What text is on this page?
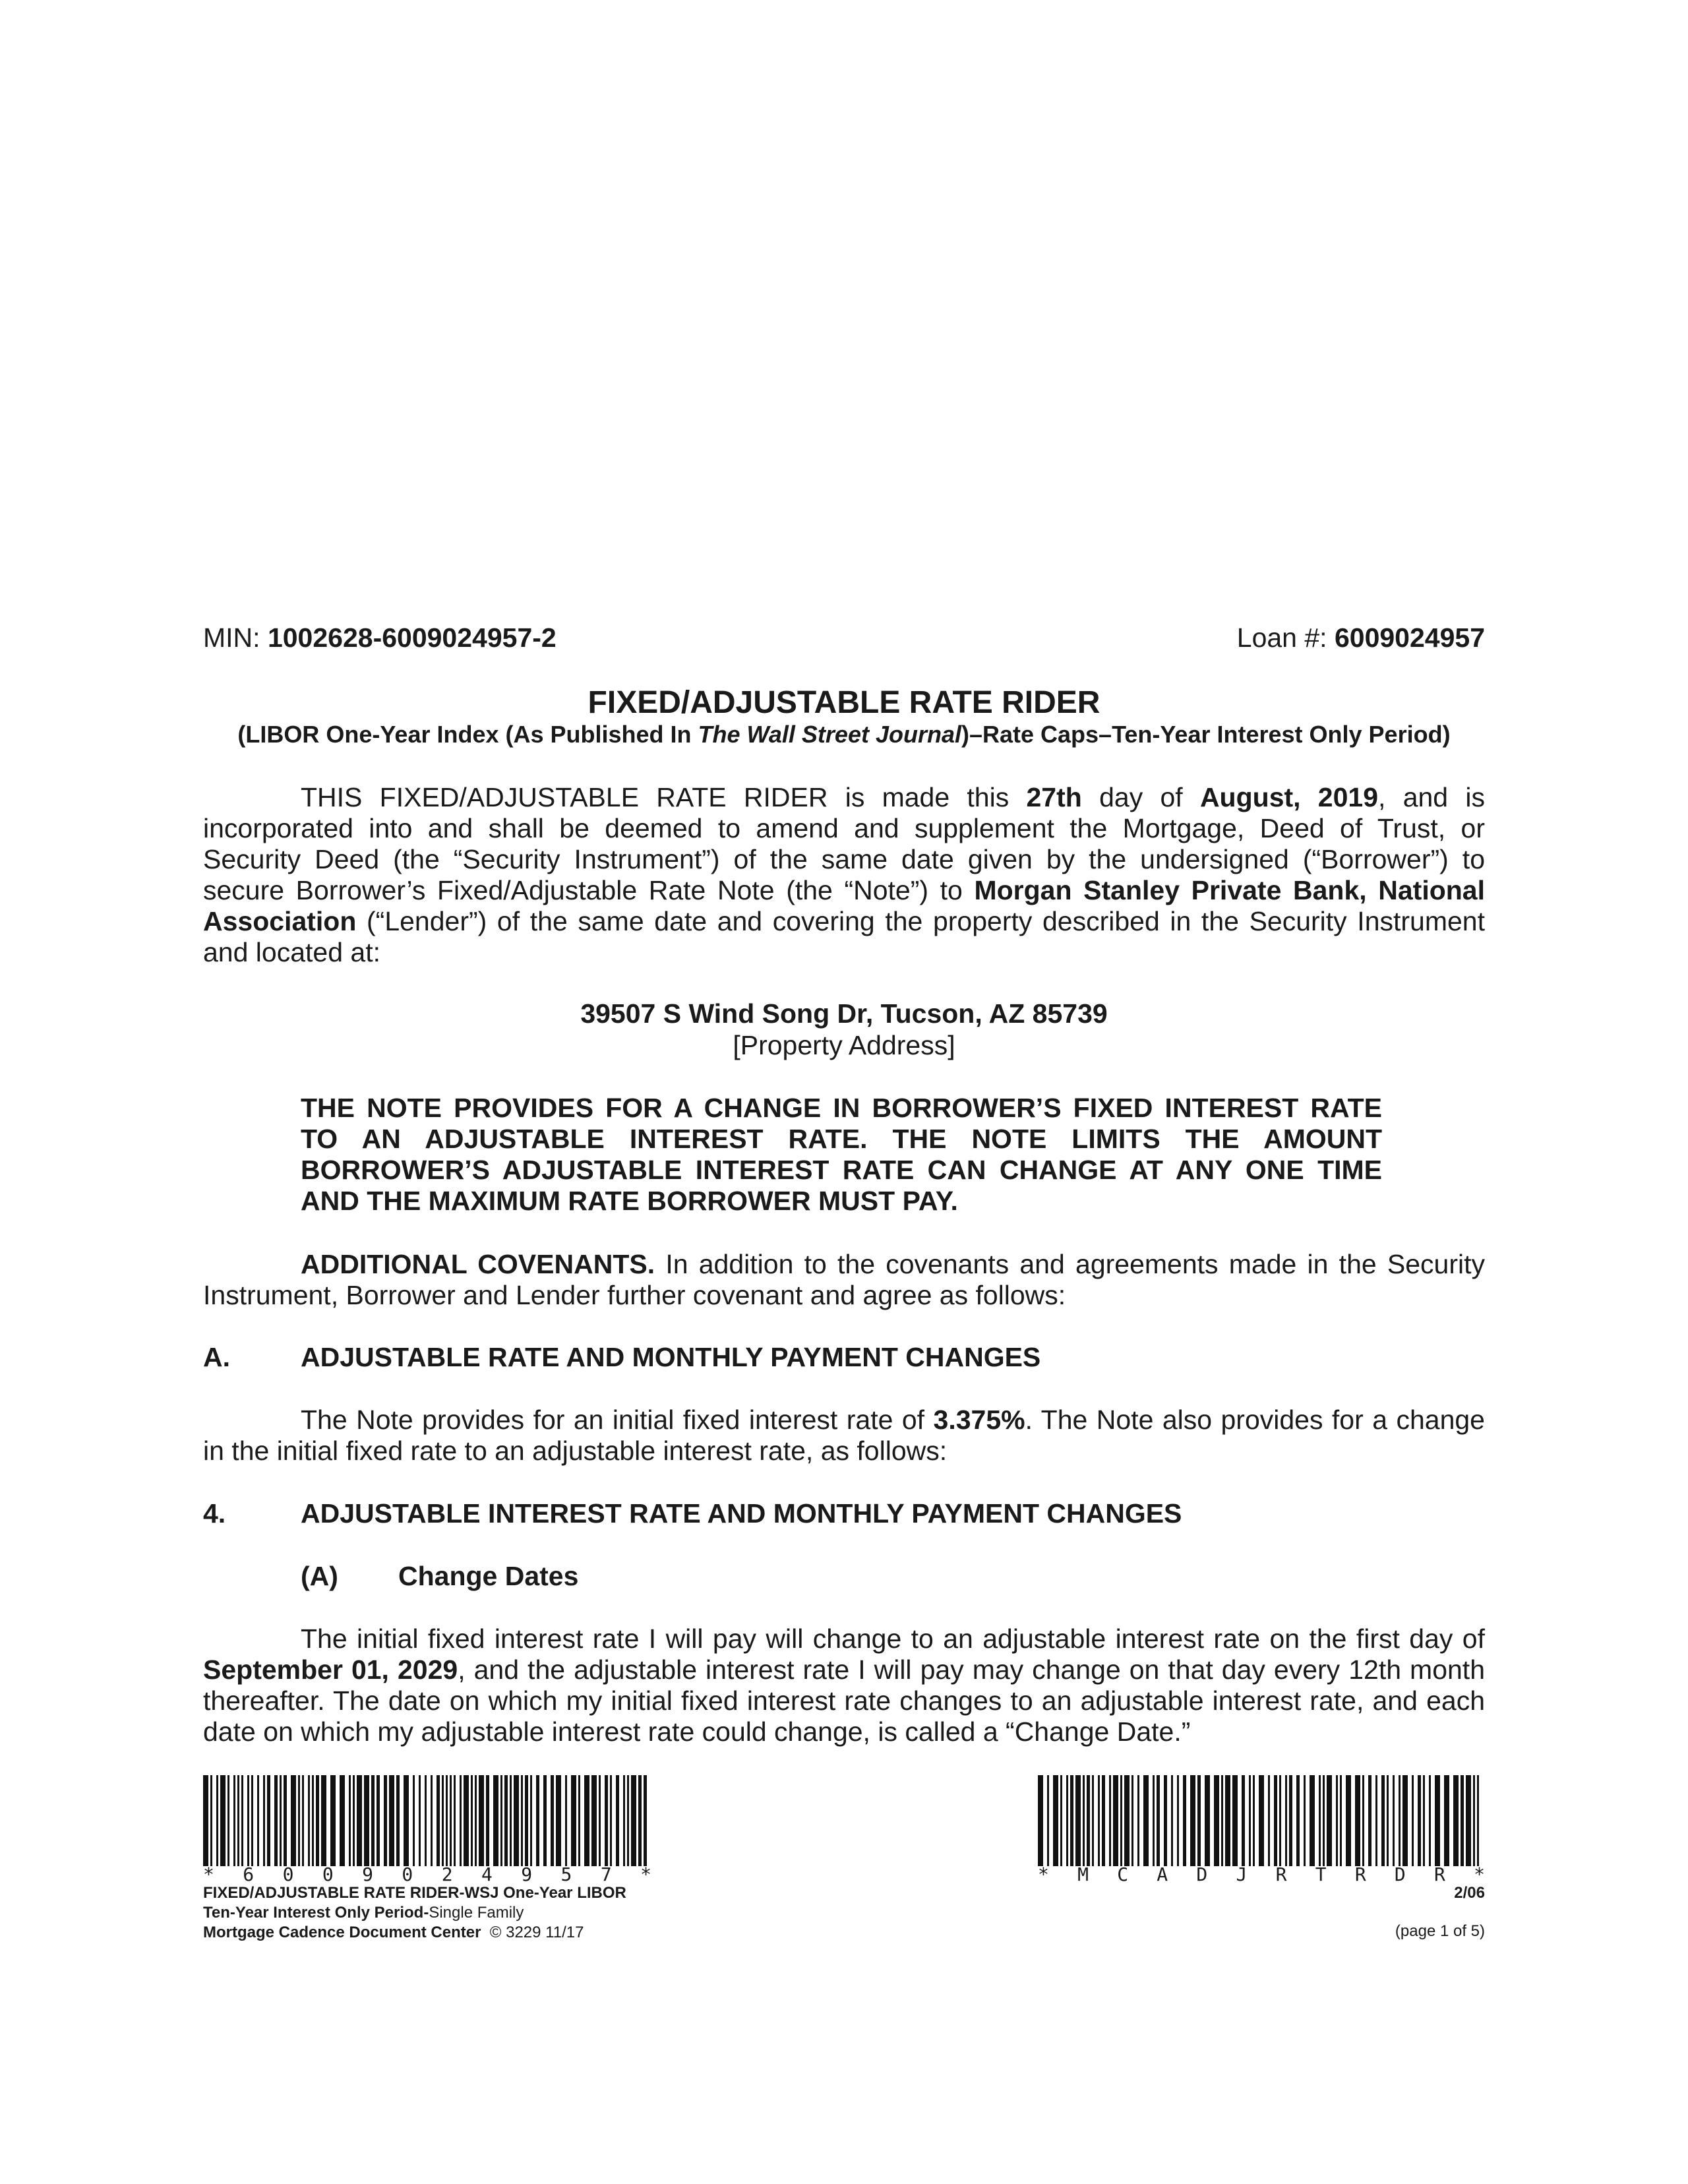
MIN: 1002628-6009024957-2	Loan #: 6009024957
FIXED/ADJUSTABLE RATE RIDER
(LIBOR One-Year Index (As Published In The Wall Street Journal)–Rate Caps–Ten-Year Interest Only Period)
THIS FIXED/ADJUSTABLE RATE RIDER is made this 27th day of August, 2019, and is
incorporated into and shall be deemed to amend and supplement the Mortgage, Deed of Trust, or
Security Deed (the “Security Instrument”) of the same date given by the undersigned (“Borrower”) to
secure Borrower’s Fixed/Adjustable Rate Note (the “Note”) to Morgan Stanley Private Bank, National
Association (“Lender”) of the same date and covering the property described in the Security Instrument
and located at:
39507 S Wind Song Dr, Tucson, AZ 85739
[Property Address]
THE NOTE PROVIDES FOR A CHANGE IN BORROWER’S FIXED INTEREST RATE
TO AN ADJUSTABLE INTEREST RATE. THE NOTE LIMITS THE AMOUNT
BORROWER’S ADJUSTABLE INTEREST RATE CAN CHANGE AT ANY ONE TIME
AND THE MAXIMUM RATE BORROWER MUST PAY.
ADDITIONAL COVENANTS. In addition to the covenants and agreements made in the Security
Instrument, Borrower and Lender further covenant and agree as follows:
A.	ADJUSTABLE RATE AND MONTHLY PAYMENT CHANGES
The Note provides for an initial fixed interest rate of 3.375%. The Note also provides for a change
in the initial fixed rate to an adjustable interest rate, as follows:
4.	ADJUSTABLE INTEREST RATE AND MONTHLY PAYMENT CHANGES
(A) Change Dates
The initial fixed interest rate I will pay will change to an adjustable interest rate on the first day of
September 01, 2029, and the adjustable interest rate I will pay may change on that day every 12th month
thereafter. The date on which my initial fixed interest rate changes to an adjustable interest rate, and each
date on which my adjustable interest rate could change, is called a “Change Date.”
* 6 0 0 9 0 2 4 9 5 7 *
FIXED/ADJUSTABLE RATE RIDER-WSJ One-Year LIBOR
Ten-Year Interest Only Period-Single Family
Mortgage Cadence Document Center © 3229 11/17
* M C A D J R T R D R *
2/06
(page 1 of 5)
